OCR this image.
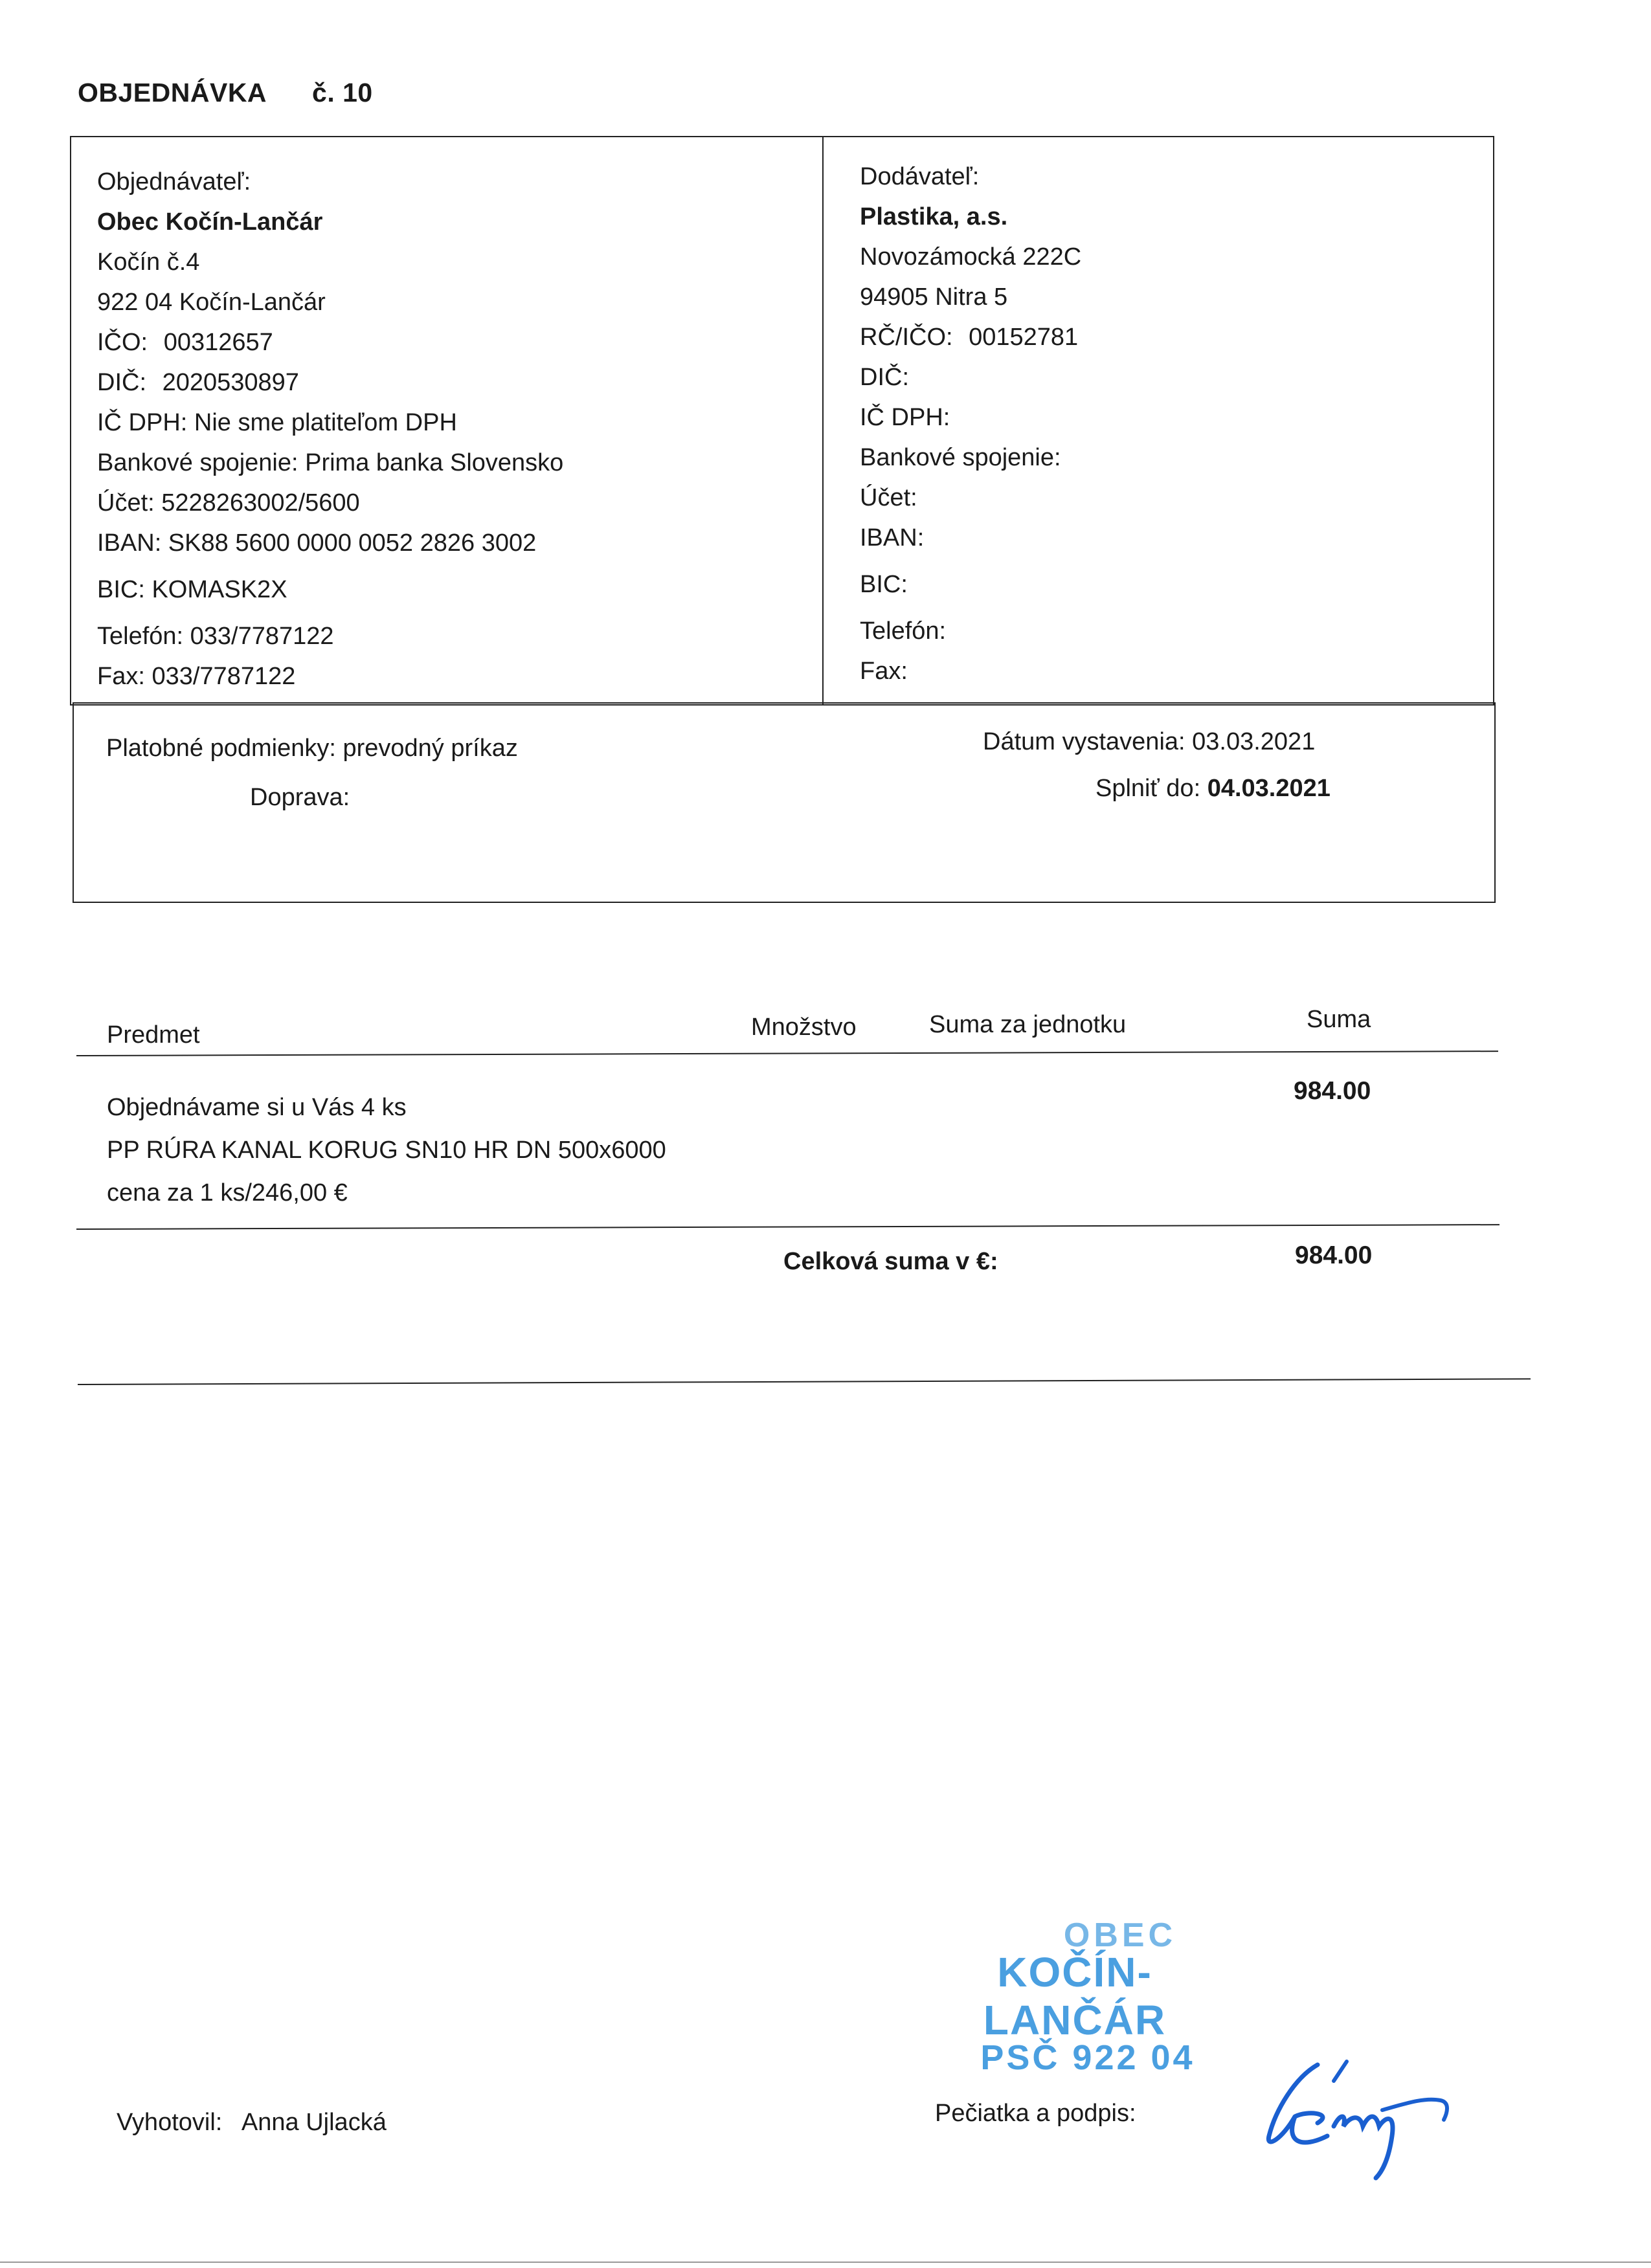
OBJEDNÁVKA č. 10
Objednávateľ:
Obec Kočín-Lančár
Kočín č.4
922 04 Kočín-Lančár
IČO: 00312657
DIČ: 2020530897
IČ DPH: Nie sme platiteľom DPH
Bankové spojenie: Prima banka Slovensko
Účet: 5228263002/5600
IBAN: SK88 5600 0000 0052 2826 3002
BIC: KOMASK2X
Telefón: 033/7787122
Fax: 033/7787122
Dodávateľ:
Plastika, a.s.
Novozámocká 222C
94905 Nitra 5
RČ/IČO: 00152781
DIČ:
IČ DPH:
Bankové spojenie:
Účet:
IBAN:
BIC:
Telefón:
Fax:
Platobné podmienky: prevodný príkaz
Doprava:
Dátum vystavenia: 03.03.2021
Splniť do: 04.03.2021
Predmet	Množstvo	Suma za jednotku	Suma
Objednávame si u Vás 4 ks
PP RÚRA KANAL KORUG SN10 HR DN 500x6000
cena za 1 ks/246,00 €
984.00
Celková suma v €:	984.00
OBEC
KOČÍN-LANČÁR
PSČ 922 04
Vyhotovil: Anna Ujlacká	Pečiatka a podpis:
